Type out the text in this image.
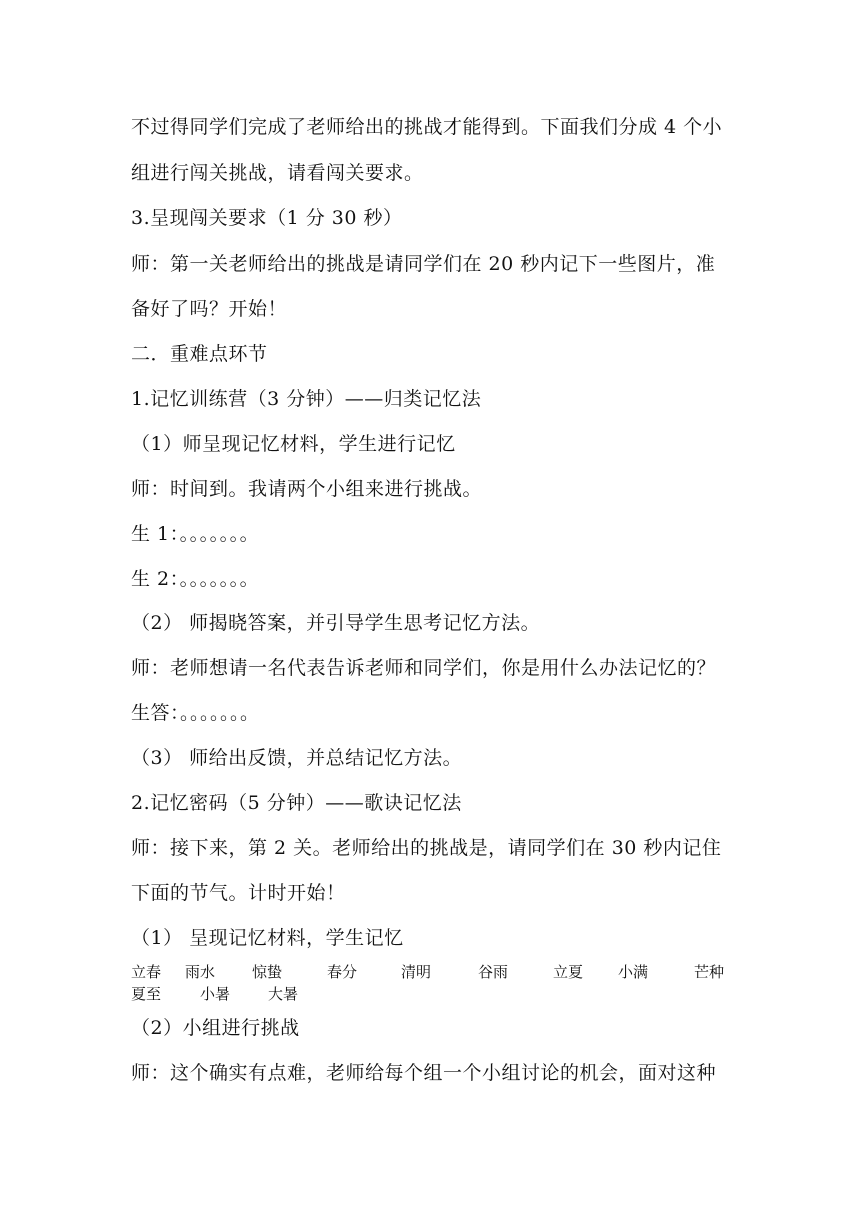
不过得同学们完成了老师给出的挑战才能得到。下面我们分成 4 个小
组进行闯关挑战，请看闯关要求。
3.呈现闯关要求（1 分 30 秒）
师：第一关老师给出的挑战是请同学们在 20 秒内记下一些图片，准
备好了吗？开始！
二．重难点环节
1.记忆训练营（3 分钟）——归类记忆法
（1）师呈现记忆材料，学生进行记忆
师：时间到。我请两个小组来进行挑战。
生 1：。。。。。。。
生 2：。。。。。。。
（2） 师揭晓答案，并引导学生思考记忆方法。
师：老师想请一名代表告诉老师和同学们，你是用什么办法记忆的？
生答：。。。。。。。
（3） 师给出反馈，并总结记忆方法。
2.记忆密码（5 分钟）——歌诀记忆法
师：接下来，第 2 关。老师给出的挑战是，请同学们在 30 秒内记住
下面的节气。计时开始！
（1） 呈现记忆材料，学生记忆
立春 雨水 惊蛰	春分	清明	谷雨	立夏 小满	芒种
夏至	小暑	大暑
（2）小组进行挑战
师：这个确实有点难，老师给每个组一个小组讨论的机会，面对这种
